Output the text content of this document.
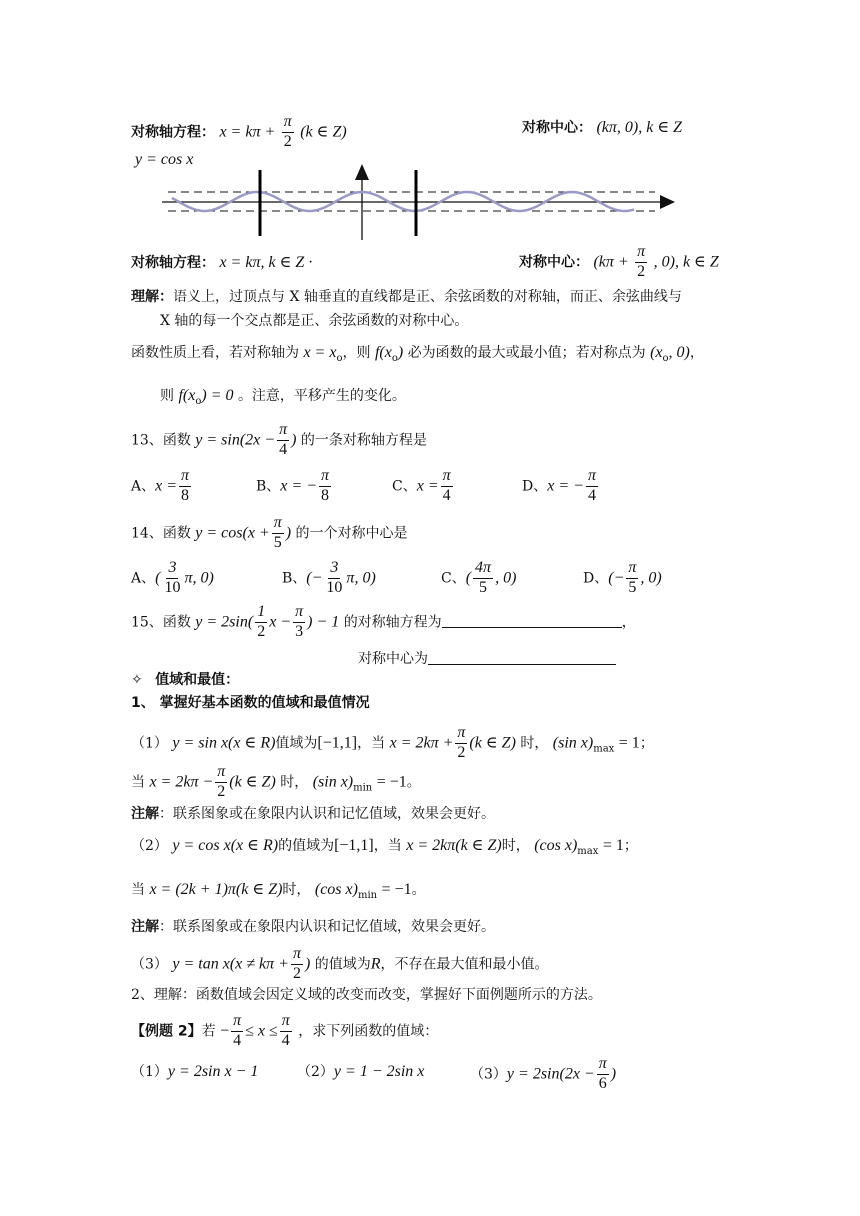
对称轴方程： $x = k\pi + \frac{\pi}{2} (k$ ∈ Z)	对称中心： (kπ, 0), k ∈ Z
y = cos x
对称轴方程： x = kπ, k ∈ Z ·	对称中心： ($k\pi + \frac{\pi}{2}$ , 0), k ∈ Z
理解：语义上，过顶点与 X 轴垂直的直线都是正、余弦函数的对称轴，而正、余弦曲线与
X 轴的每一个交点都是正、余弦函数的对称中心。
函数性质上看，若对称轴为 $x = x_o$，则 $f(x_o)$ 必为函数的最大或最小值；若对称点为 ($x_o$, 0)，
则 $f(x_o) = 0$ 。注意，平移产生的变化。
13、函数 $y = \sin(2x - \frac{\pi}{4}$ ) 的一条对称轴方程是
A、$x = \frac{\pi}{8}$	B、x = − $\frac{\pi}{8}$	C、$x = \frac{\pi}{4}$	D、x = − $\frac{\pi}{4}$
14、函数 $y = \cos(x + \frac{\pi}{5}$ ) 的一个对称中心是
A、( $\frac{3}{10} \pi$, 0)	B、(− $\frac{3}{10} \pi$, 0)	C、( $\frac{4\pi}{5}$ , 0)	D、(− $\frac{\pi}{5}$ , 0)
15、函数 $y = 2\sin( \frac{1}{2}$ $x - \frac{\pi}{3}$ ) − 1 的对称轴方程为	，
对称中心为
✧ 值域和最值：
1、 掌握好基本函数的值域和最值情况
（1） y = sin x(x ∈ R)值域为[−1,1]，当 $x = 2k\pi + \frac{\pi}{2} (k$ ∈ Z) 时， (sin $x)_{max} = 1$；
当 $x = 2k\pi - \frac{\pi}{2} (k$ ∈ Z) 时， (sin $x)_{min} = -1$。
注解：联系图象或在象限内认识和记忆值域，效果会更好。
（2） y = cos x(x ∈ R)的值域为[−1,1]，当 x = 2kπ(k ∈ Z)时， (cos $x)_{max} = 1$；
当 x = (2k + 1)π(k ∈ Z)时， (cos $x)_{min} = -1$。
注解：联系图象或在象限内认识和记忆值域，效果会更好。
（3） $y = \tan x(x \ne k\pi + \frac{\pi}{2}$ ) 的值域为R，不存在最大值和最小值。
2、理解：函数值域会因定义域的改变而改变，掌握好下面例题所示的方法。
【例题 2】若 − $\frac{\pi}{4} \le x \le \frac{\pi}{4}$ ，求下列函数的值域：
（1）y = 2sin x − 1	（2）y = 1 − 2sin x	$(3)y = 2\sin(2x - \frac{\pi}{6}$ )
